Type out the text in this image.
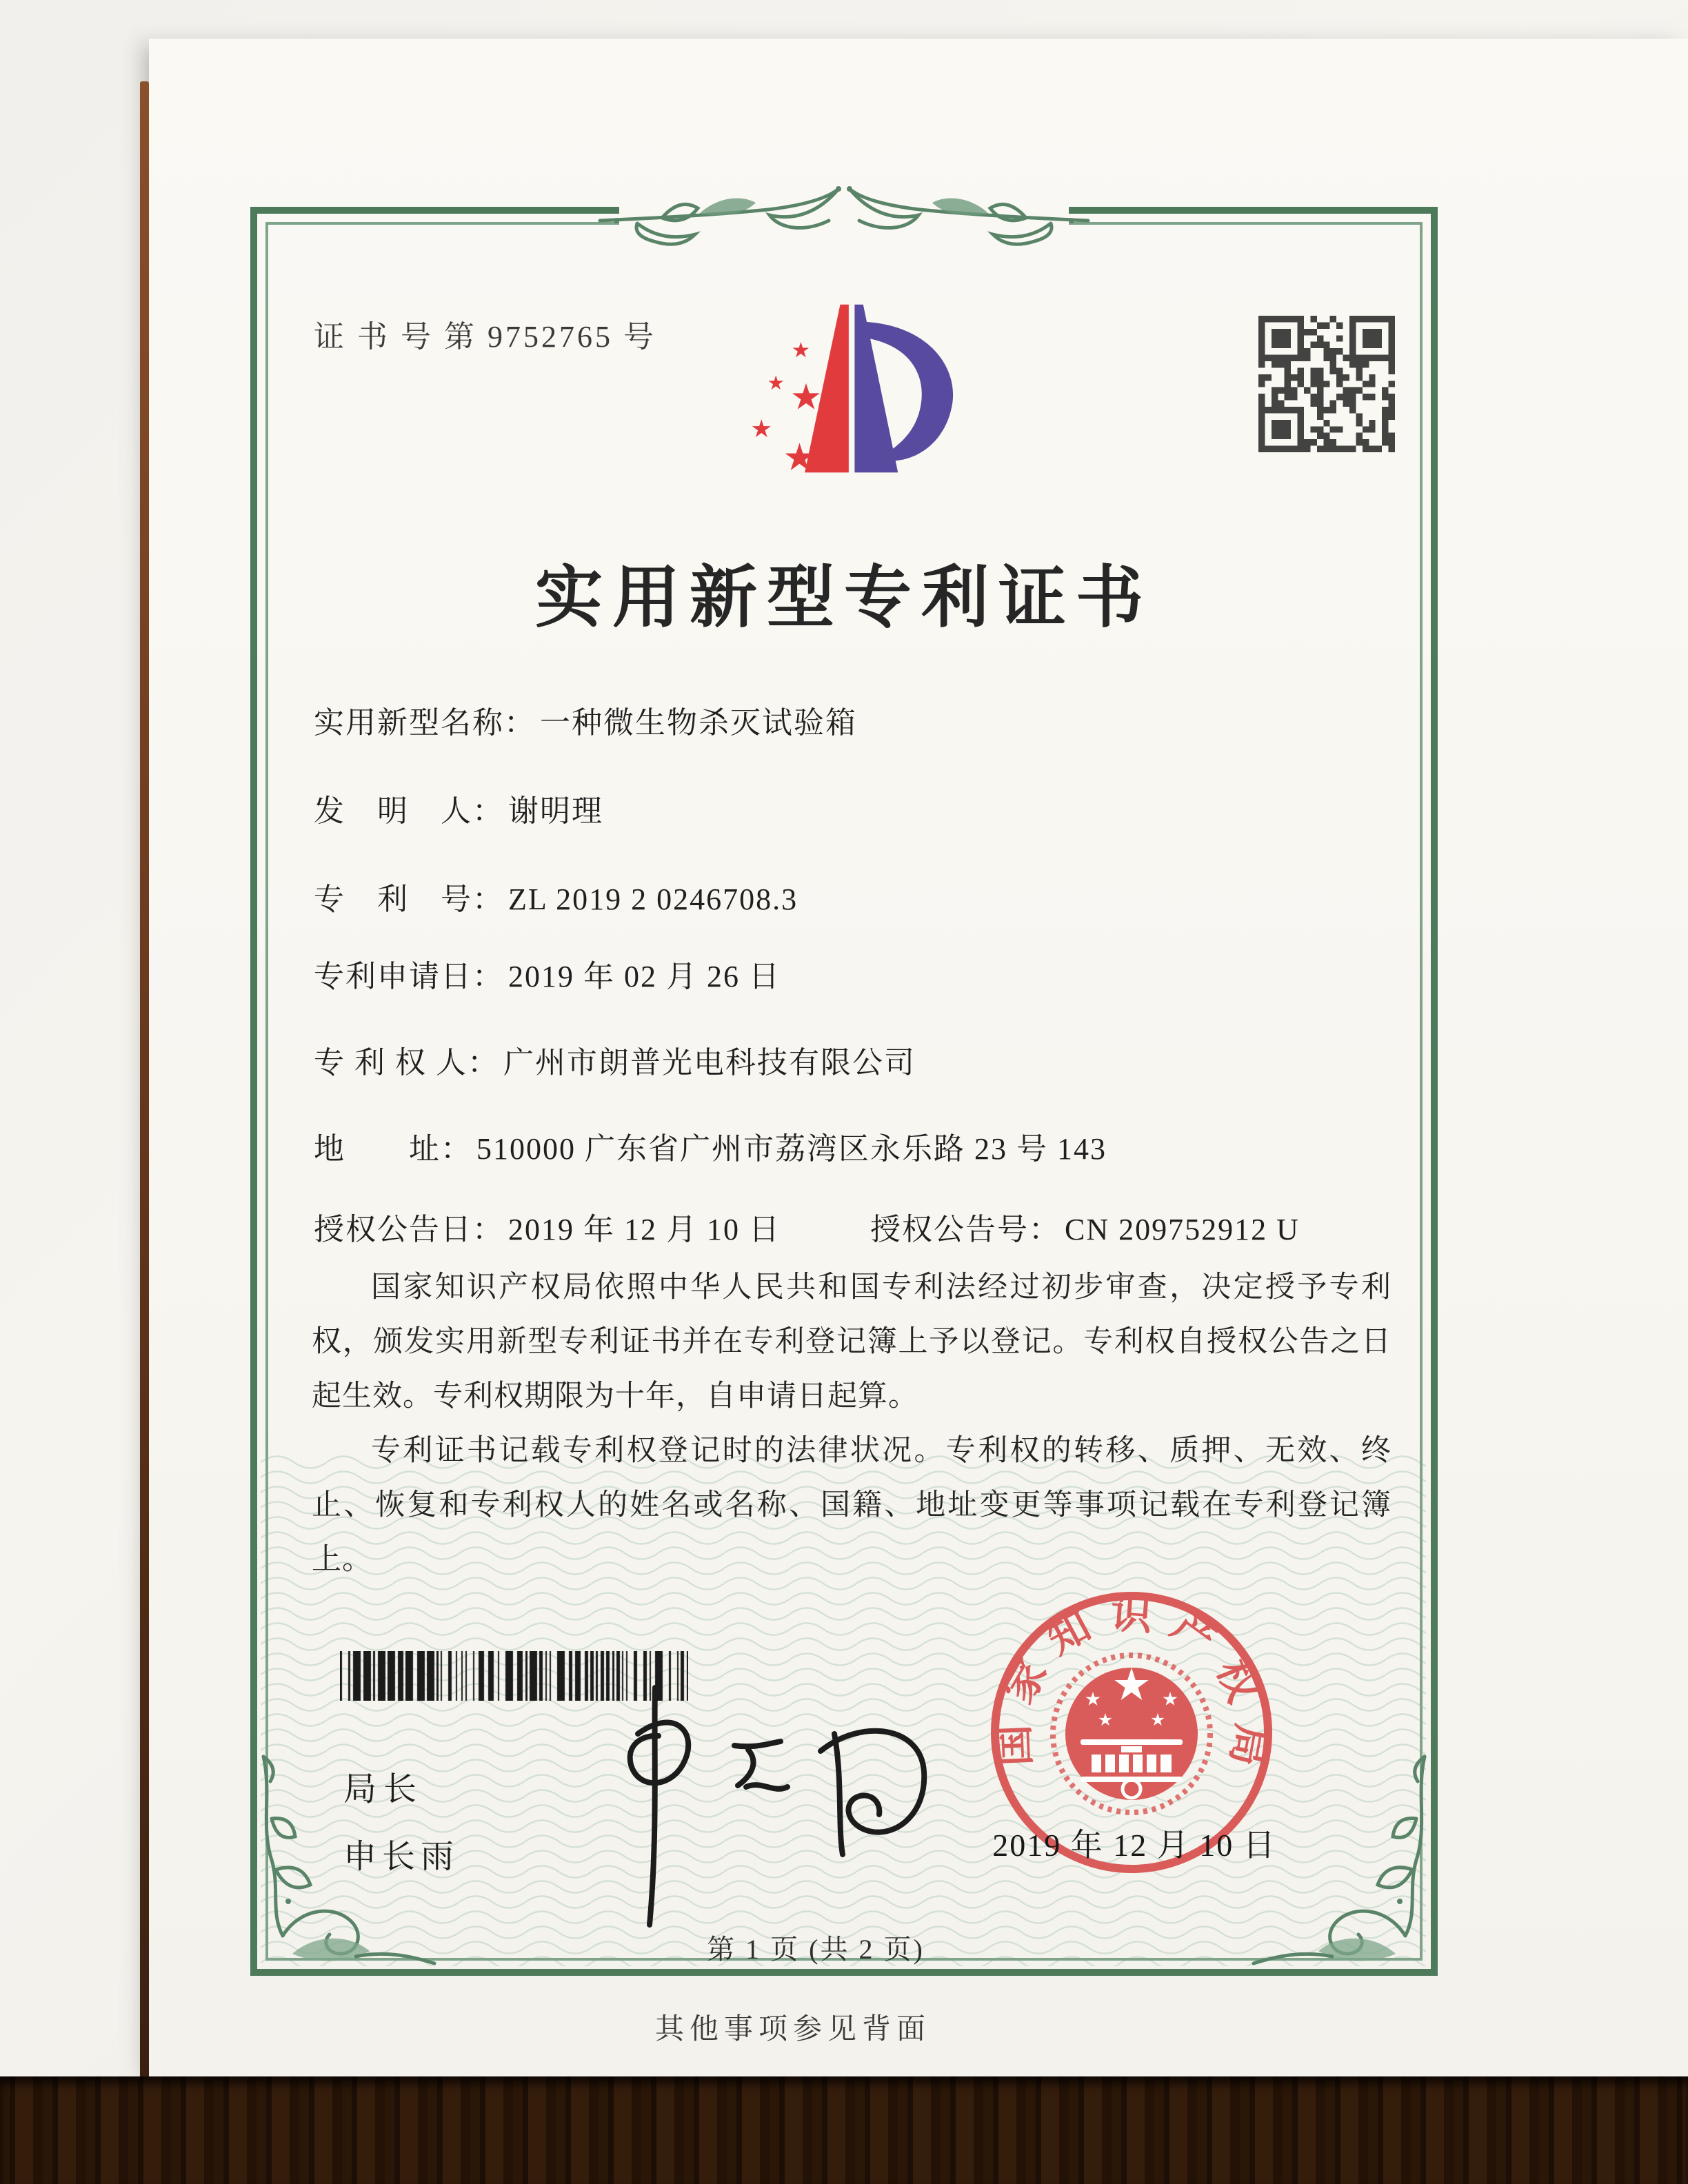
证 书 号 第 9752765 号
实用新型专利证书
实用新型名称： 一种微生物杀灭试验箱
发　明　人： 谢明理
专　利　号： ZL 2019 2 0246708.3
专利申请日： 2019 年 02 月 26 日
专 利 权 人： 广州市朗普光电科技有限公司
地　　址： 510000 广东省广州市荔湾区永乐路 23 号 143
授权公告日： 2019 年 12 月 10 日	授权公告号： CN 209752912 U

国家知识产权局依照中华人民共和国专利法经过初步审查，决定授予专利权，颁发实用新型专利证书并在专利登记簿上予以登记。专利权自授权公告之日起生效。专利权期限为十年，自申请日起算。

专利证书记载专利权登记时的法律状况。专利权的转移、质押、无效、终止、恢复和专利权人的姓名或名称、国籍、地址变更等事项记载在专利登记簿上。

局长
申长雨
国家知识产权局
2019 年 12 月 10 日
第 1 页 (共 2 页)
其他事项参见背面
